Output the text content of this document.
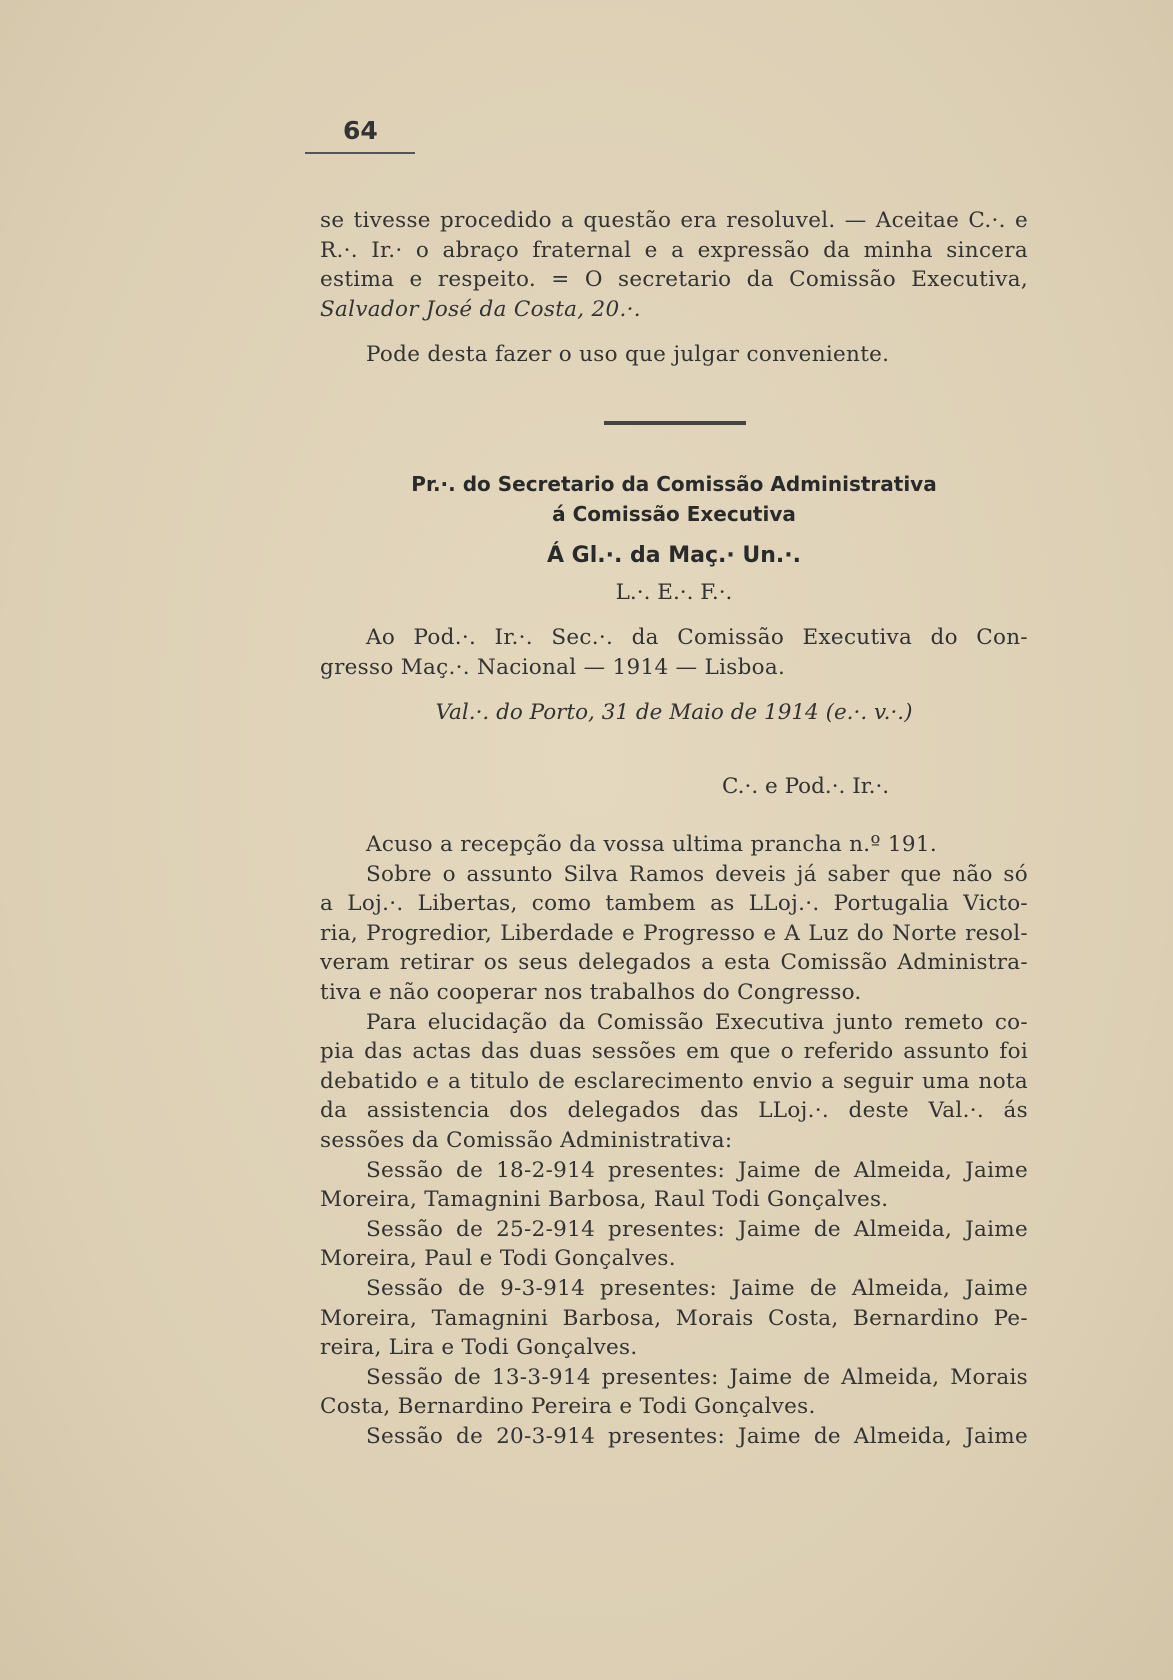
64
se tivesse procedido a questão era resoluvel. — Aceitae C.·. e
R.·. Ir.· o abraço fraternal e a expressão da minha sincera
estima e respeito. = O secretario da Comissão Executiva,
Salvador José da Costa, 20.·.
Pode desta fazer o uso que julgar conveniente.
Pr.·. do Secretario da Comissão Administrativa
á Comissão Executiva
Á Gl.·. da Maç.· Un.·.
L.·. E.·. F.·.
Ao Pod.·. Ir.·. Sec.·. da Comissão Executiva do Con-
gresso Maç.·. Nacional — 1914 — Lisboa.
Val.·. do Porto, 31 de Maio de 1914 (e.·. v.·.)
C.·. e Pod.·. Ir.·.
Acuso a recepção da vossa ultima prancha n.º 191.
Sobre o assunto Silva Ramos deveis já saber que não só
a Loj.·. Libertas, como tambem as LLoj.·. Portugalia Victo-
ria, Progredior, Liberdade e Progresso e A Luz do Norte resol-
veram retirar os seus delegados a esta Comissão Administra-
tiva e não cooperar nos trabalhos do Congresso.
Para elucidação da Comissão Executiva junto remeto co-
pia das actas das duas sessões em que o referido assunto foi
debatido e a titulo de esclarecimento envio a seguir uma nota
da assistencia dos delegados das LLoj.·. deste Val.·. ás
sessões da Comissão Administrativa:
Sessão de 18-2-914 presentes: Jaime de Almeida, Jaime
Moreira, Tamagnini Barbosa, Raul Todi Gonçalves.
Sessão de 25-2-914 presentes: Jaime de Almeida, Jaime
Moreira, Paul e Todi Gonçalves.
Sessão de 9-3-914 presentes: Jaime de Almeida, Jaime
Moreira, Tamagnini Barbosa, Morais Costa, Bernardino Pe-
reira, Lira e Todi Gonçalves.
Sessão de 13-3-914 presentes: Jaime de Almeida, Morais
Costa, Bernardino Pereira e Todi Gonçalves.
Sessão de 20-3-914 presentes: Jaime de Almeida, Jaime
